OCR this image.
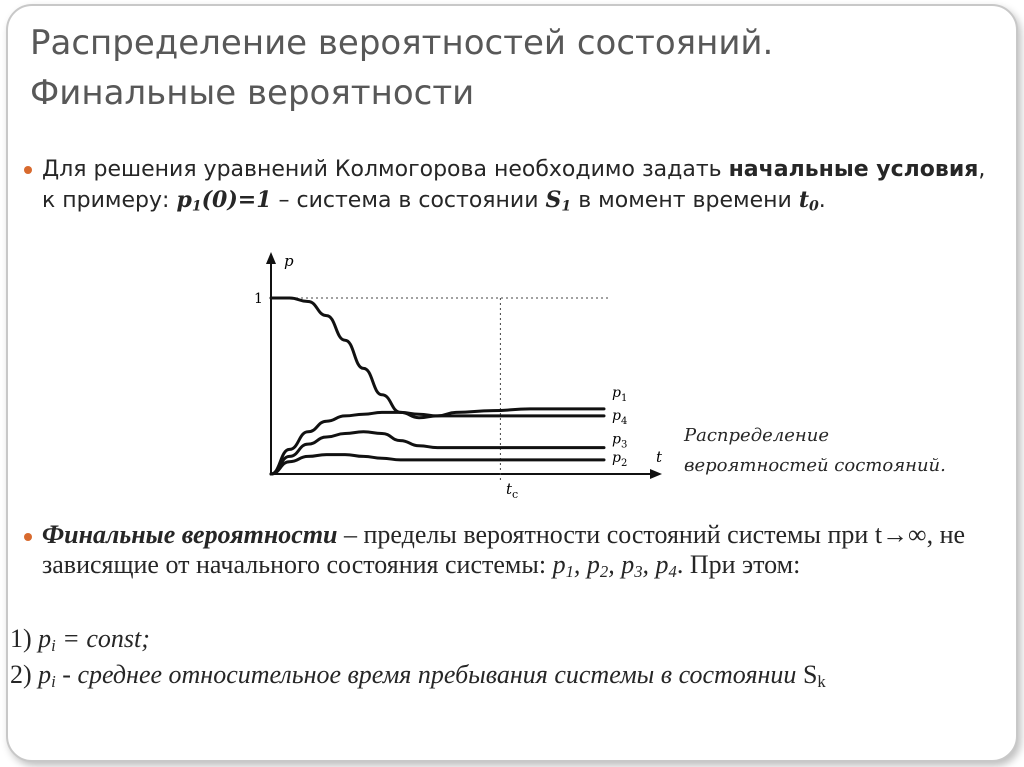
Распределение вероятностей состояний.
Финальные вероятности
Для решения уравнений Колмогорова необходимо задать начальные условия, к примеру: $p_1(0)=1$ – система в состоянии $S_1$ в момент времени $t_0$.
p
t
1
$t_c$
$p_1$
$p_4$
$p_3$
$p_2$
Распределение
вероятностей состояний.
Финальные вероятности – пределы вероятности состояний системы при t→∞, не зависящие от начального состояния системы: $p_1$, $p_2$, $p_3$, $p_4$. При этом:
1) $p_i$ = const;
2) $p_i$ - среднее относительное время пребывания системы в состоянии $S_k$
